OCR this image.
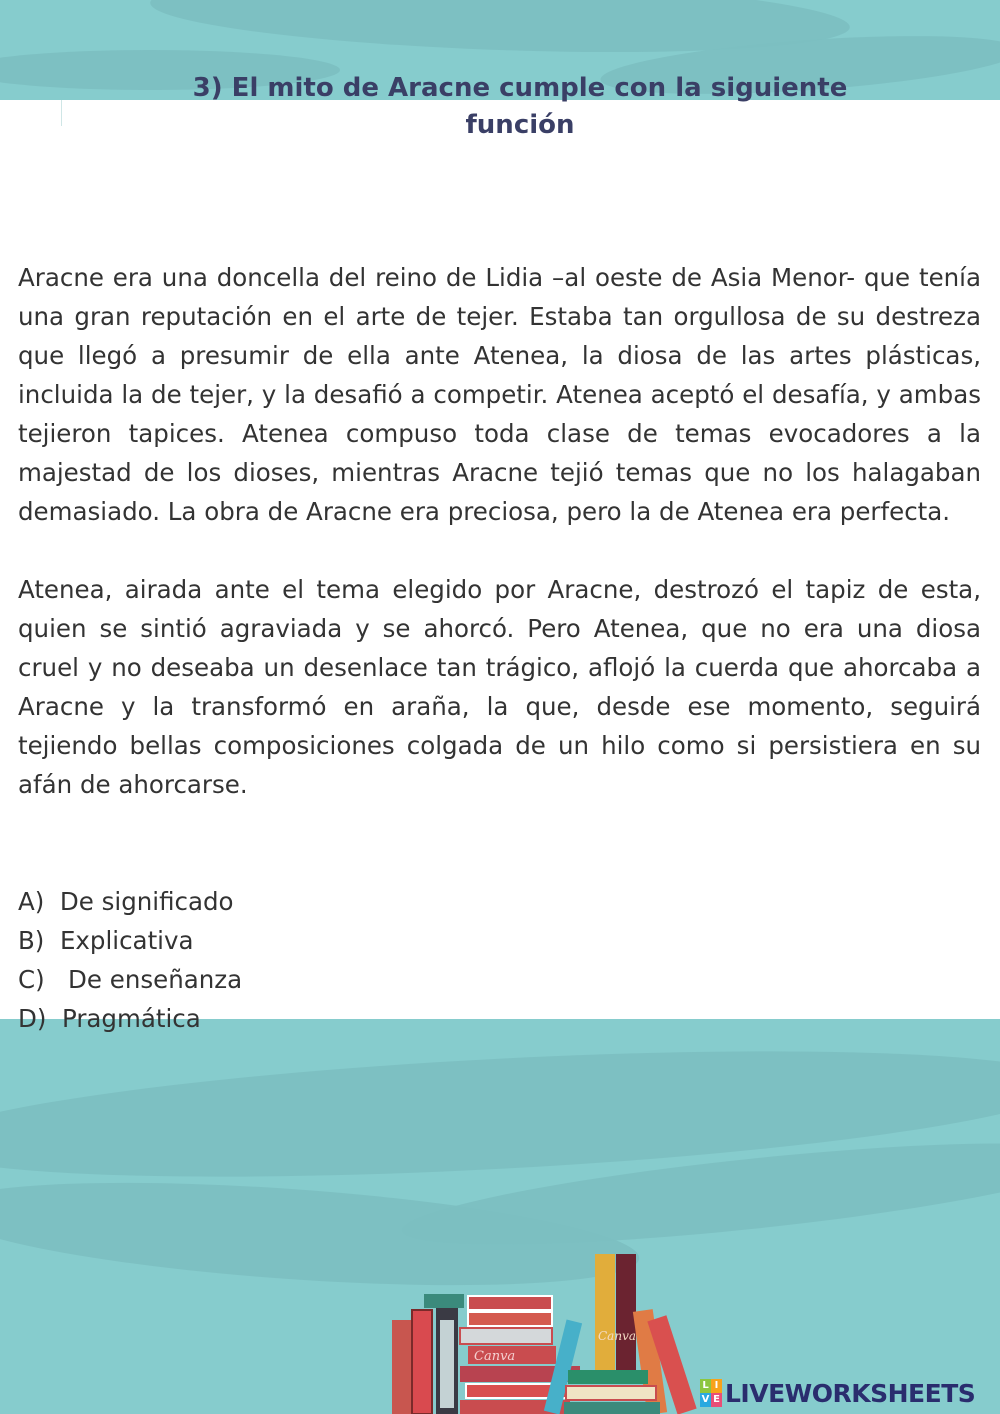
3) El mito de Aracne cumple con la siguiente
función

Aracne era una doncella del reino de Lidia –al oeste de Asia Menor- que tenía una gran reputación en el arte de tejer. Estaba tan orgullosa de su destreza que llegó a presumir de ella ante Atenea, la diosa de las artes plásticas, incluida la de tejer, y la desafió a competir. Atenea aceptó el desafía, y ambas tejieron tapices. Atenea compuso toda clase de temas evocadores a la majestad de los dioses, mientras Aracne tejió temas que no los halagaban demasiado. La obra de Aracne era preciosa, pero la de Atenea era perfecta.

Atenea, airada ante el tema elegido por Aracne, destrozó el tapiz de esta, quien se sintió agraviada y se ahorcó. Pero Atenea, que no era una diosa cruel y no deseaba un desenlace tan trágico, aflojó la cuerda que ahorcaba a Aracne y la transformó en araña, la que, desde ese momento, seguirá tejiendo bellas composiciones colgada de un hilo como si persistiera en su afán de ahorcarse.

A)  De significado
B)  Explicativa
C)   De enseñanza
D)  Pragmática
Canva
Canva
L I
V E LIVEWORKSHEETS
